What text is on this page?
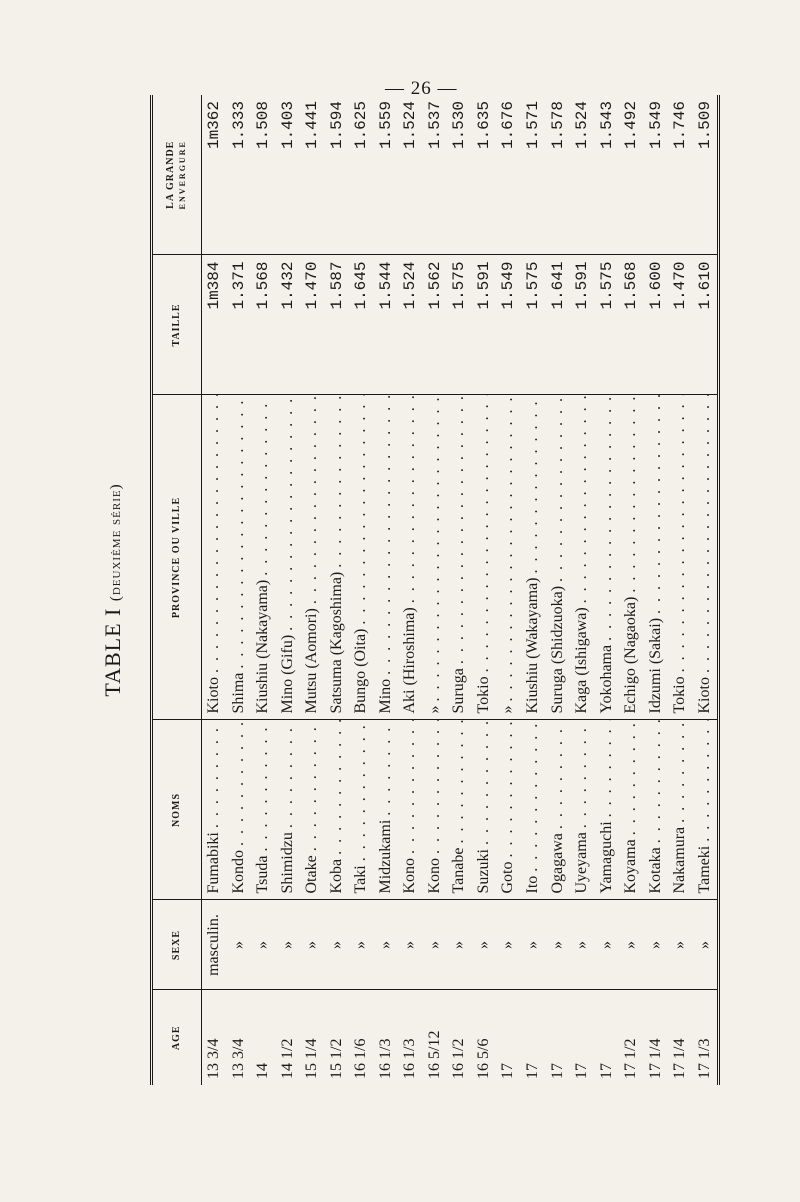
— 26 —
TABLE I (deuxième série)
AGE	SEXE	NOMS	PROVINCE OU VILLE	TAILLE	LA GRANDE ENVERGURE
13 3/4	masculin.	Fumabiki . . .	Kioto . . .	1m384	1m362
13 3/4	»	Kondo . . .	Shima . . .	1.371	1.333
14	»	Tsuda . . .	Kiushiu (Nakayama) . . .	1.568	1.508
14 1/2	»	Shimidzu . . .	Mino (Gifu) . . .	1.432	1.403
15 1/4	»	Otake . . .	Mutsu (Aomori) . . .	1.470	1.441
15 1/2	»	Koba . . .	Satsuma (Kagoshima) . . .	1.587	1.594
16 1/6	»	Taki . . .	Bungo (Oita) . . .	1.645	1.625
16 1/3	»	Midzukami . . .	Mino . . .	1.544	1.559
16 1/3	»	Kono . . .	Aki (Hiroshima) . . .	1.524	1.524
16 5/12	»	Kono . . .	» . . .	1.562	1.537
16 1/2	»	Tanabe . . .	Suruga . . .	1.575	1.530
16 5/6	»	Suzuki . . .	Tokio . . .	1.591	1.635
17	»	Goto . . .	» . . .	1.549	1.676
17	»	Ito . . .	Kiushiu (Wakayama) . . .	1.575	1.571
17	»	Ogagawa . . .	Suruga (Shidzuoka) . . .	1.641	1.578
17	»	Uyeyama . . .	Kaga (Ishigawa) . . .	1.591	1.524
17	»	Yamaguchi . . .	Yokohama . . .	1.575	1.543
17 1/2	»	Koyama . . .	Echigo (Nagaoka) . . .	1.568	1.492
17 1/4	»	Kotaka . . .	Idzumi (Sakai) . . .	1.600	1.549
17 1/4	»	Nakamura . . .	Tokio . . .	1.470	1.746
17 1/3	»	Tameki . . .	Kioto . . .	1.610	1.509
